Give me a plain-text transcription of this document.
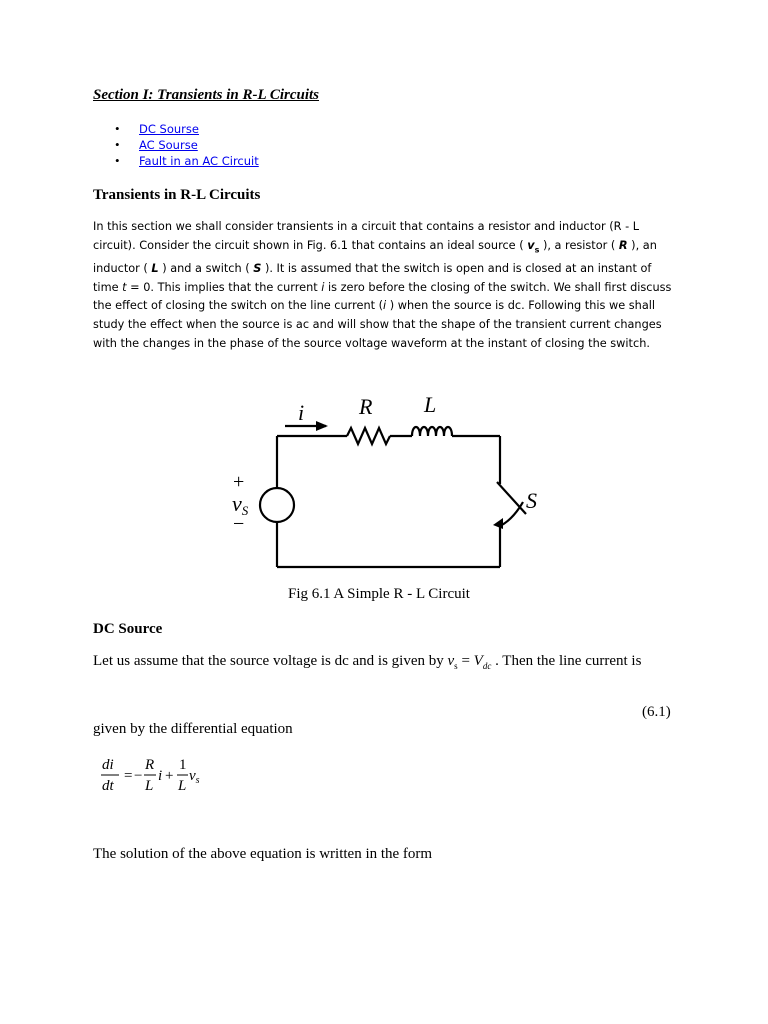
Section I: Transients in R-L Circuits
• DC Sourse
• AC Sourse
• Fault in an AC Circuit
Transients in R-L Circuits
In this section we shall consider transients in a circuit that contains a resistor and inductor (R - L circuit). Consider the circuit shown in Fig. 6.1 that contains an ideal source ( $v_s$ ), a resistor ( R ), an inductor ( L ) and a switch ( S ). It is assumed that the switch is open and is closed at an instant of time t = 0. This implies that the current i is zero before the closing of the switch. We shall first discuss the effect of closing the switch on the line current (i ) when the source is dc. Following this we shall study the effect when the source is ac and will show that the shape of the transient current changes with the changes in the phase of the source voltage waveform at the instant of closing the switch.
i R L
S
+
vS
−
Fig 6.1 A Simple R - L Circuit
DC Source
Let us assume that the source voltage is dc and is given by $v_s = V_{dc}$ . Then the line current is
(6.1)
given by the differential equation
di
dt
= −
R
L
i +
1
L
$v_s$
The solution of the above equation is written in the form
